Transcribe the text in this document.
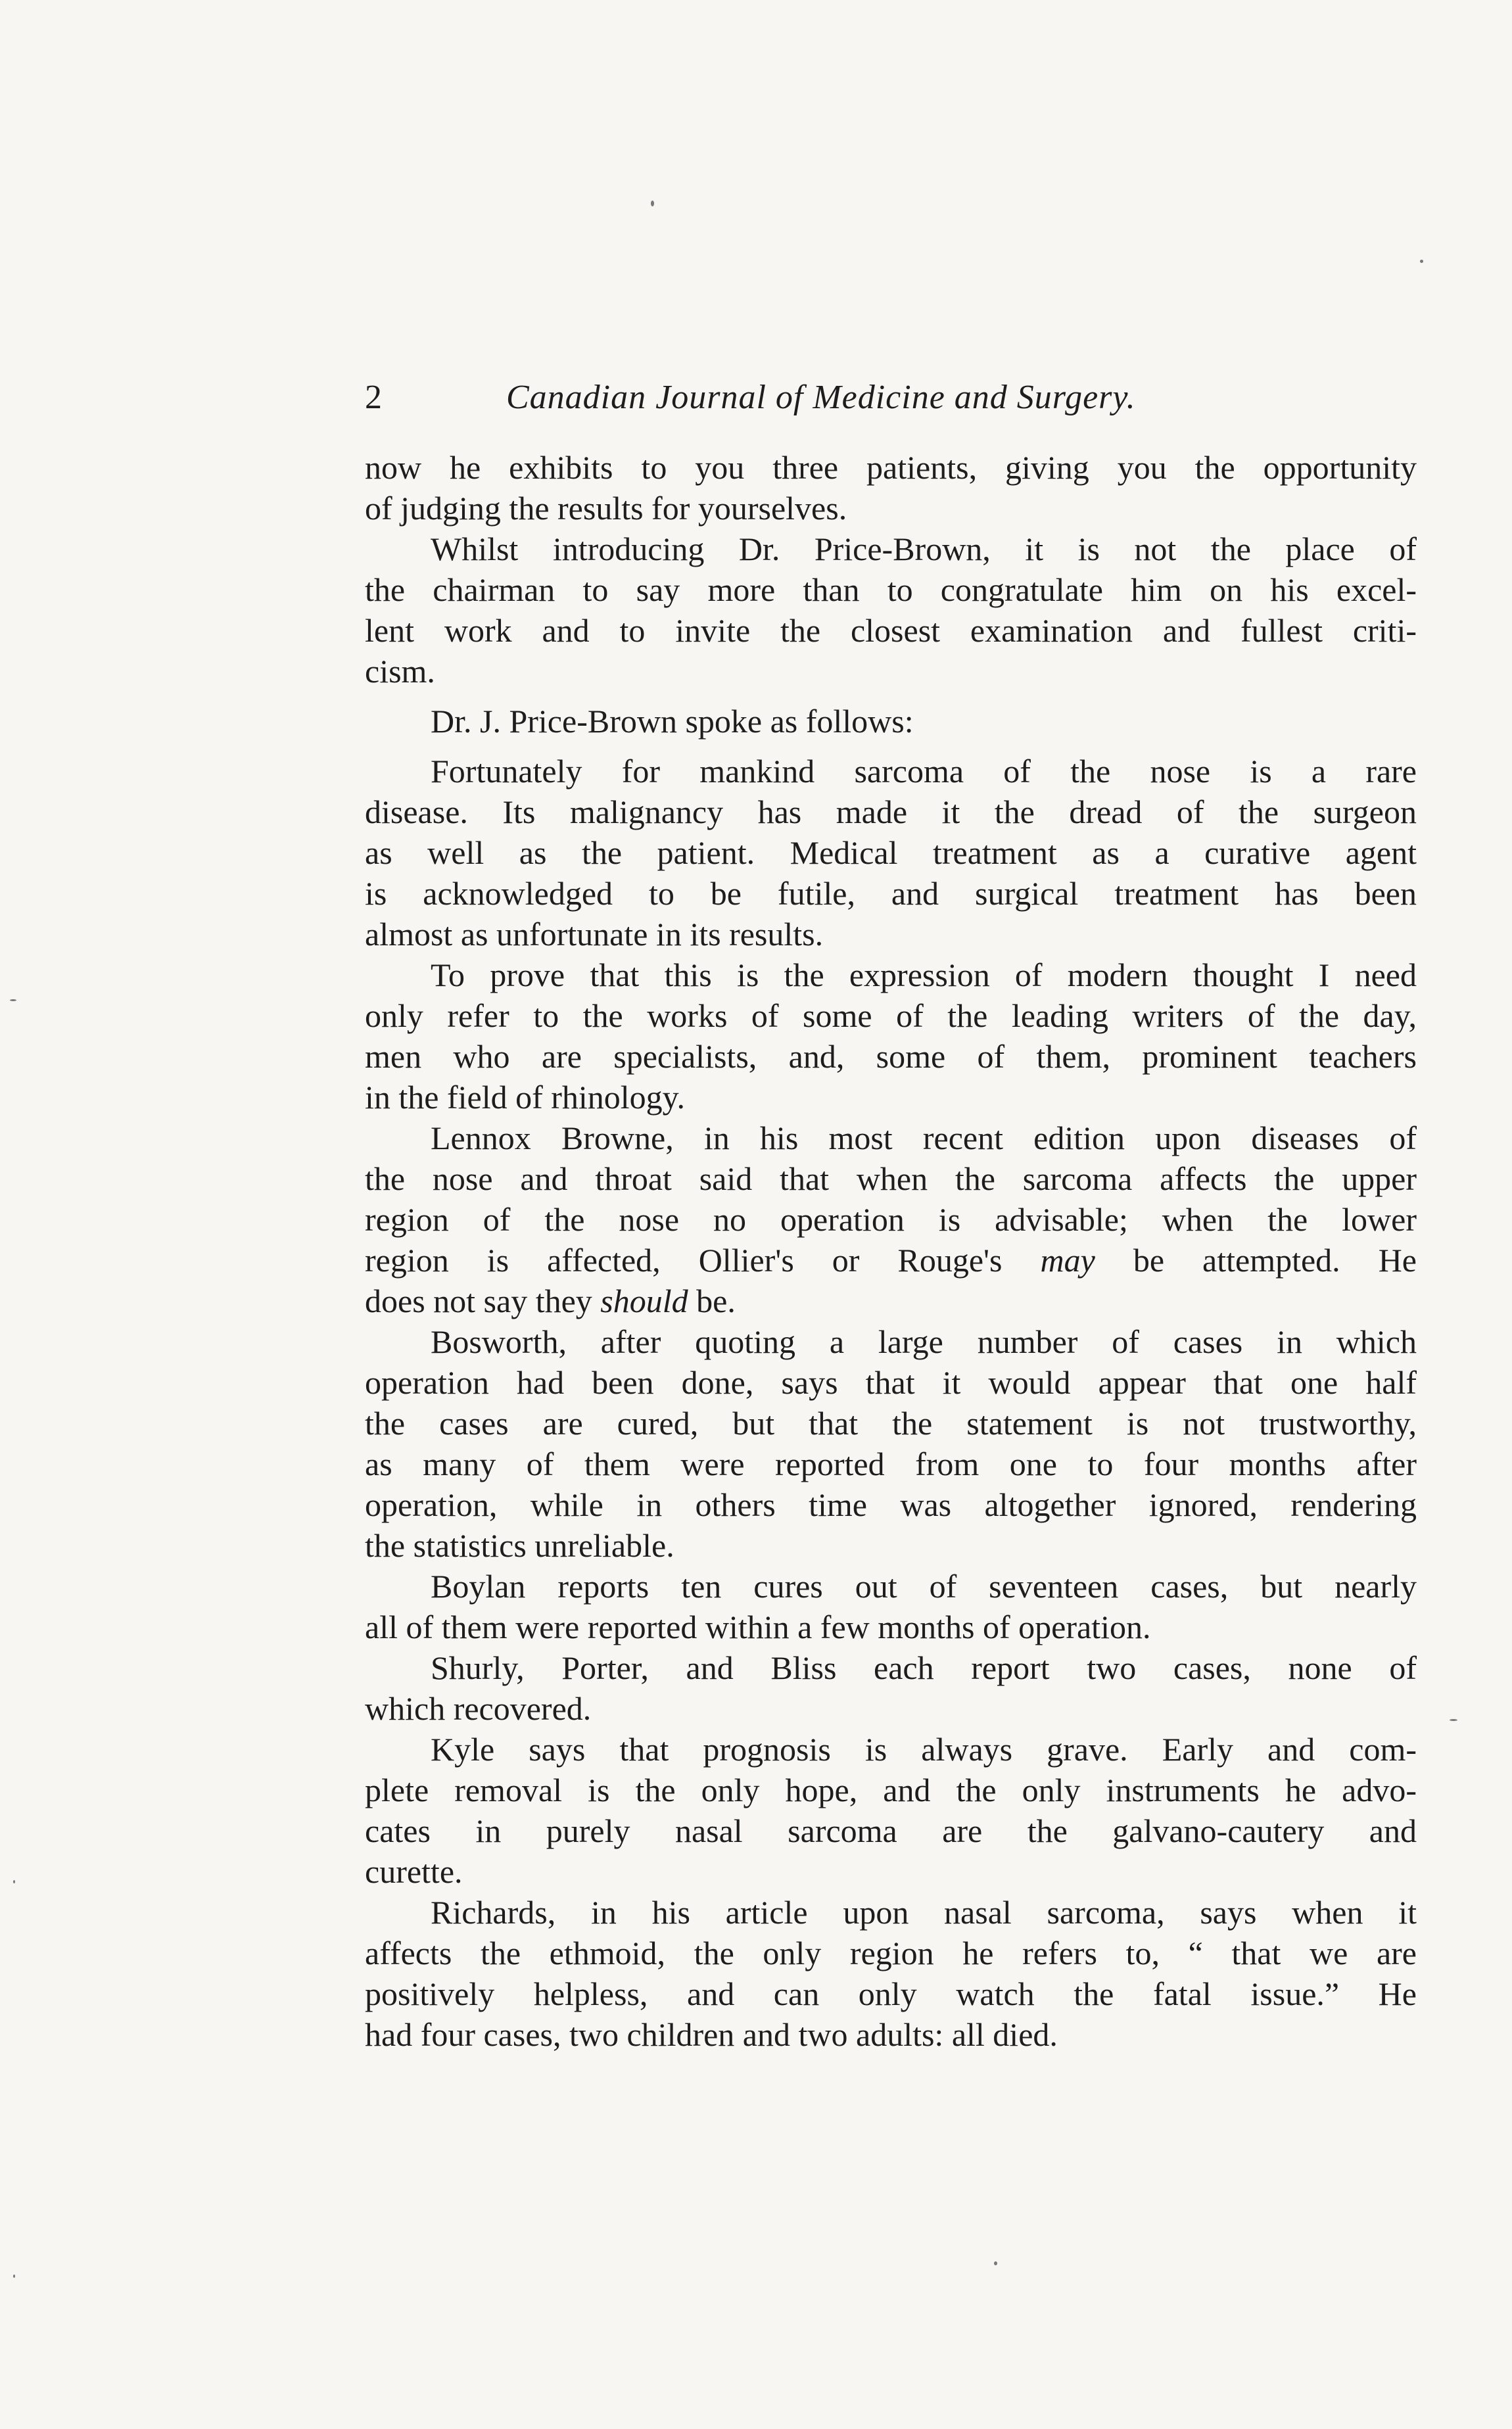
2	Canadian Journal of Medicine and Surgery.
now he exhibits to you three patients, giving you the opportunity
of judging the results for yourselves.
Whilst introducing Dr. Price-Brown, it is not the place of
the chairman to say more than to congratulate him on his excel-
lent work and to invite the closest examination and fullest criti-
cism.
Dr. J. Price-Brown spoke as follows:
Fortunately for mankind sarcoma of the nose is a rare
disease. Its malignancy has made it the dread of the surgeon
as well as the patient. Medical treatment as a curative agent
is acknowledged to be futile, and surgical treatment has been
almost as unfortunate in its results.
To prove that this is the expression of modern thought I need
only refer to the works of some of the leading writers of the day,
men who are specialists, and, some of them, prominent teachers
in the field of rhinology.
Lennox Browne, in his most recent edition upon diseases of
the nose and throat said that when the sarcoma affects the upper
region of the nose no operation is advisable; when the lower
region is affected, Ollier's or Rouge's may be attempted. He
does not say they should be.
Bosworth, after quoting a large number of cases in which
operation had been done, says that it would appear that one half
the cases are cured, but that the statement is not trustworthy,
as many of them were reported from one to four months after
operation, while in others time was altogether ignored, rendering
the statistics unreliable.
Boylan reports ten cures out of seventeen cases, but nearly
all of them were reported within a few months of operation.
Shurly, Porter, and Bliss each report two cases, none of
which recovered.
Kyle says that prognosis is always grave. Early and com-
plete removal is the only hope, and the only instruments he advo-
cates in purely nasal sarcoma are the galvano-cautery and
curette.
Richards, in his article upon nasal sarcoma, says when it
affects the ethmoid, the only region he refers to, “ that we are
positively helpless, and can only watch the fatal issue.” He
had four cases, two children and two adults: all died.
